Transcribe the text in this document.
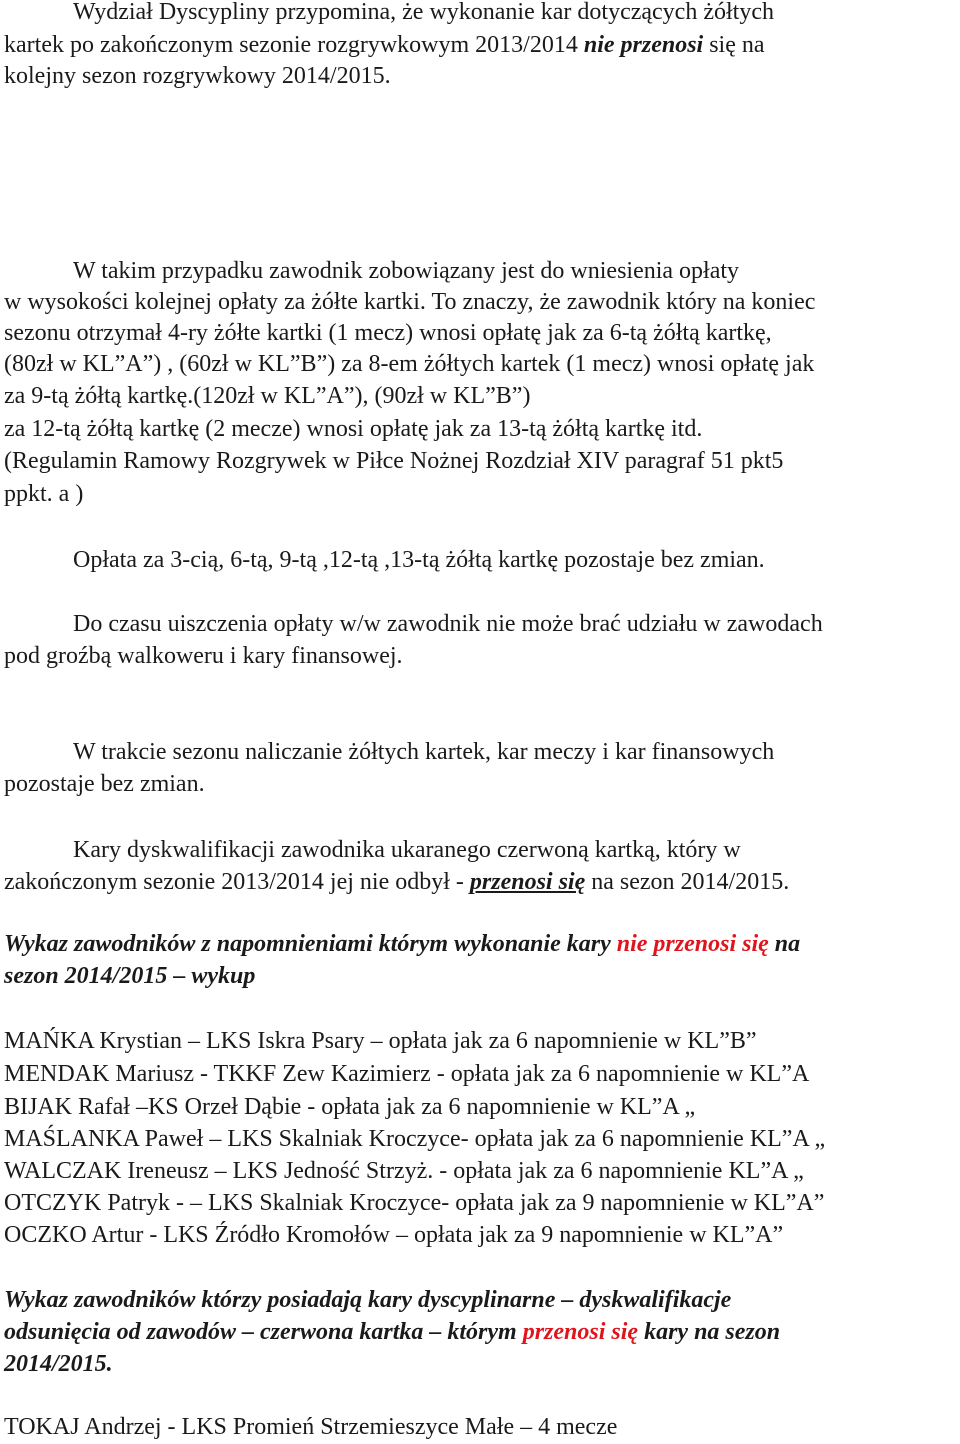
Wydział Dyscypliny przypomina, że wykonanie kar dotyczących żółtych

kartek po zakończonym sezonie rozgrywkowym 2013/2014 nie przenosi się na

kolejny sezon rozgrywkowy 2014/2015.

W takim przypadku zawodnik zobowiązany jest do wniesienia opłaty

w wysokości kolejnej opłaty za żółte kartki. To znaczy, że zawodnik który na koniec

sezonu otrzymał 4-ry żółte kartki (1 mecz) wnosi opłatę jak za 6-tą żółtą kartkę,

(80zł w KL”A”) , (60zł w KL”B”) za 8-em żółtych kartek (1 mecz) wnosi opłatę jak

za 9-tą żółtą kartkę.(120zł w KL”A”), (90zł w KL”B”)

za 12-tą żółtą kartkę (2 mecze) wnosi opłatę jak za 13-tą żółtą kartkę itd.

(Regulamin Ramowy Rozgrywek w Piłce Nożnej Rozdział XIV paragraf 51 pkt5

ppkt. a )

Opłata za 3-cią, 6-tą, 9-tą ,12-tą ,13-tą żółtą kartkę pozostaje bez zmian.

Do czasu uiszczenia opłaty w/w zawodnik nie może brać udziału w zawodach

pod groźbą walkoweru i kary finansowej.

W trakcie sezonu naliczanie żółtych kartek, kar meczy i kar finansowych

pozostaje bez zmian.

Kary dyskwalifikacji zawodnika ukaranego czerwoną kartką, który w

zakończonym sezonie 2013/2014 jej nie odbył - przenosi się na sezon 2014/2015.

Wykaz zawodników z napomnieniami którym wykonanie kary nie przenosi się na

sezon 2014/2015 – wykup

MAŃKA Krystian – LKS Iskra Psary – opłata jak za 6 napomnienie w KL”B”

MENDAK Mariusz - TKKF Zew Kazimierz - opłata jak za 6 napomnienie w KL”A

BIJAK Rafał –KS Orzeł Dąbie - opłata jak za 6 napomnienie w KL”A „

MAŚLANKA Paweł – LKS Skalniak Kroczyce- opłata jak za 6 napomnienie KL”A „

WALCZAK Ireneusz – LKS Jedność Strzyż. - opłata jak za 6 napomnienie KL”A „

OTCZYK Patryk - – LKS Skalniak Kroczyce- opłata jak za 9 napomnienie w KL”A”

OCZKO Artur - LKS Źródło Kromołów – opłata jak za 9 napomnienie w KL”A”

Wykaz zawodników którzy posiadają kary dyscyplinarne – dyskwalifikacje

odsunięcia od zawodów – czerwona kartka – którym przenosi się kary na sezon

2014/2015.

TOKAJ Andrzej - LKS Promień Strzemieszyce Małe – 4 mecze
